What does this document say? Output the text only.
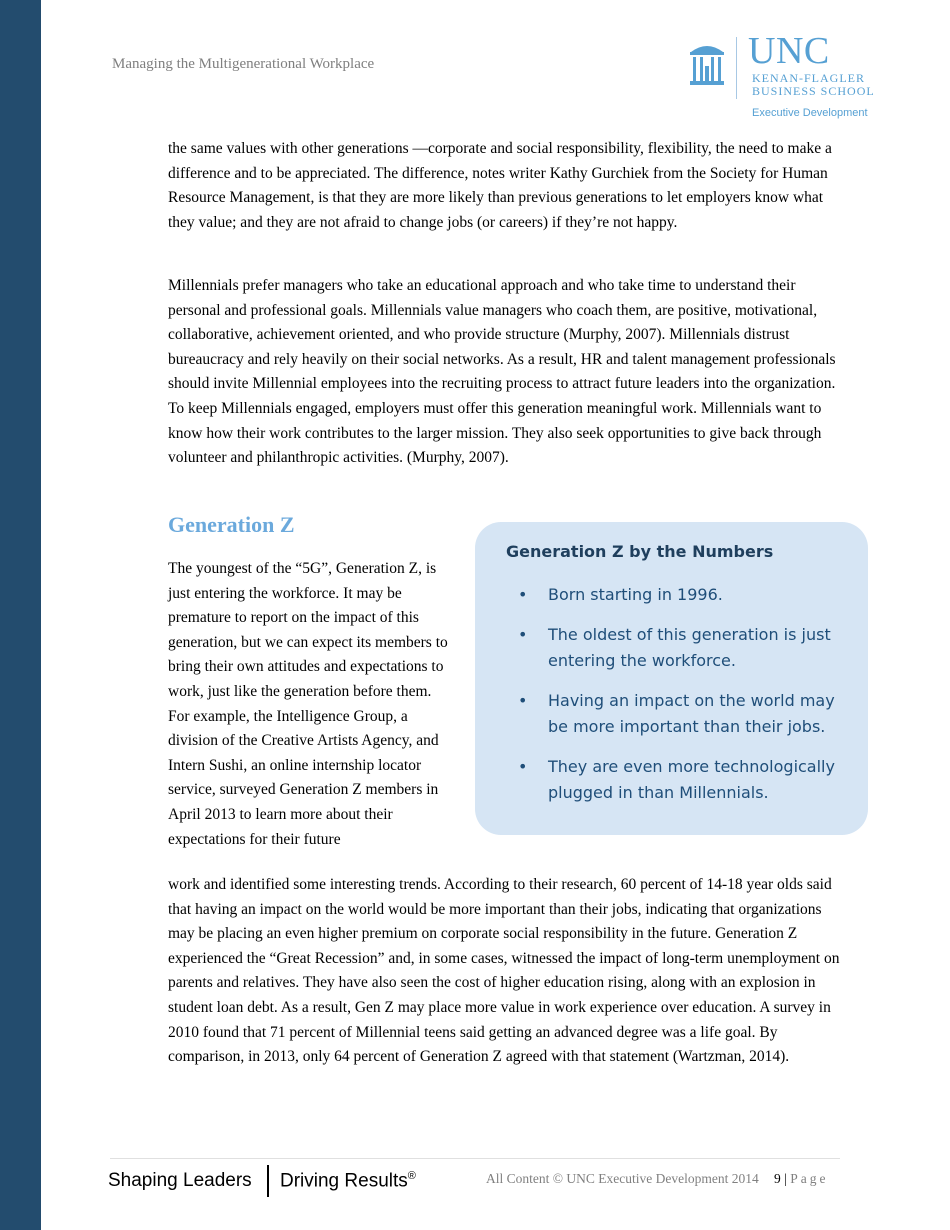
Managing the Multigenerational Workplace	UNC
KENAN-FLAGLER
BUSINESS SCHOOL
Executive Development

the same values with other generations —corporate and social responsibility, flexibility, the need to make a difference and to be appreciated. The difference, notes writer Kathy Gurchiek from the Society for Human Resource Management, is that they are more likely than previous generations to let employers know what they value; and they are not afraid to change jobs (or careers) if they’re not happy.

Millennials prefer managers who take an educational approach and who take time to understand their personal and professional goals. Millennials value managers who coach them, are positive, motivational, collaborative, achievement oriented, and who provide structure (Murphy, 2007). Millennials distrust bureaucracy and rely heavily on their social networks. As a result, HR and talent management professionals should invite Millennial employees into the recruiting process to attract future leaders into the organization. To keep Millennials engaged, employers must offer this generation meaningful work. Millennials want to know how their work contributes to the larger mission. They also seek opportunities to give back through volunteer and philanthropic activities. (Murphy, 2007).

Generation Z

The youngest of the “5G”, Generation Z, is just entering the workforce. It may be premature to report on the impact of this generation, but we can expect its members to bring their own attitudes and expectations to work, just like the generation before them. For example, the Intelligence Group, a division of the Creative Artists Agency, and Intern Sushi, an online internship locator service, surveyed Generation Z members in April 2013 to learn more about their expectations for their future

Generation Z by the Numbers
• Born starting in 1996.
• The oldest of this generation is just entering the workforce.
• Having an impact on the world may be more important than their jobs.
• They are even more technologically plugged in than Millennials.

work and identified some interesting trends. According to their research, 60 percent of 14-18 year olds said that having an impact on the world would be more important than their jobs, indicating that organizations may be placing an even higher premium on corporate social responsibility in the future. Generation Z experienced the “Great Recession” and, in some cases, witnessed the impact of long-term unemployment on parents and relatives. They have also seen the cost of higher education rising, along with an explosion in student loan debt. As a result, Gen Z may place more value in work experience over education. A survey in 2010 found that 71 percent of Millennial teens said getting an advanced degree was a life goal. By comparison, in 2013, only 64 percent of Generation Z agreed with that statement (Wartzman, 2014).

Shaping Leaders Driving Results®	All Content © UNC Executive Development 2014 9 | Page
